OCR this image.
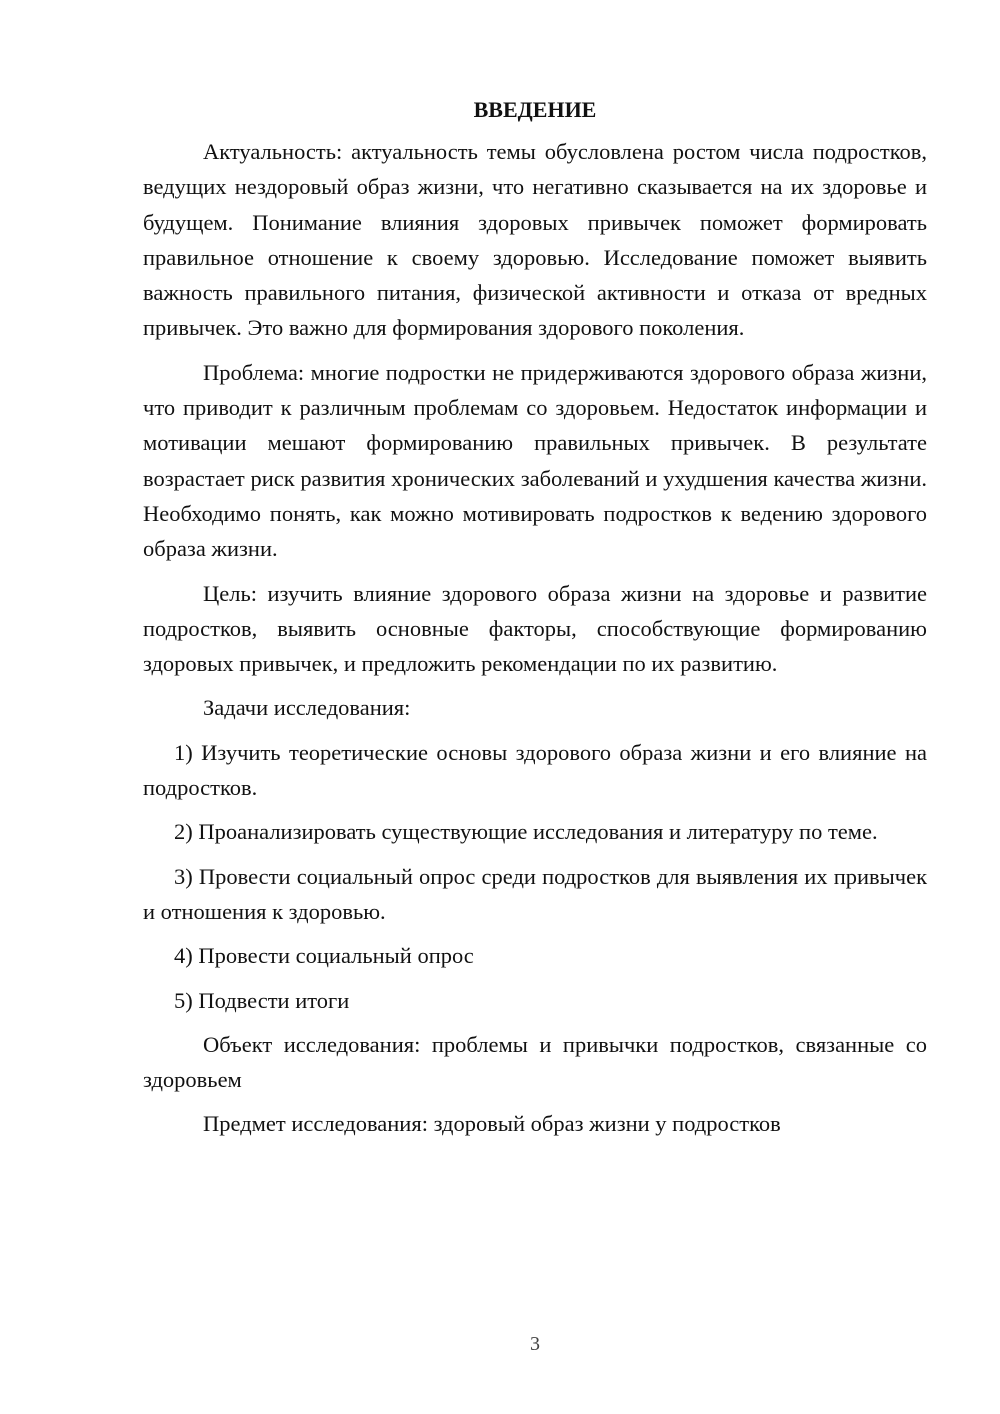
ВВЕДЕНИЕ

Актуальность: актуальность темы обусловлена ростом числа подростков, ведущих нездоровый образ жизни, что негативно сказывается на их здоровье и будущем. Понимание влияния здоровых привычек поможет формировать правильное отношение к своему здоровью. Исследование поможет выявить важность правильного питания, физической активности и отказа от вредных привычек. Это важно для формирования здорового поколения.

Проблема: многие подростки не придерживаются здорового образа жизни, что приводит к различным проблемам со здоровьем. Недостаток информации и мотивации мешают формированию правильных привычек. В результате возрастает риск развития хронических заболеваний и ухудшения качества жизни. Необходимо понять, как можно мотивировать подростков к ведению здорового образа жизни.

Цель: изучить влияние здорового образа жизни на здоровье и развитие подростков, выявить основные факторы, способствующие формированию здоровых привычек, и предложить рекомендации по их развитию.

Задачи исследования:

1) Изучить теоретические основы здорового образа жизни и его влияние на подростков.

2) Проанализировать существующие исследования и литературу по теме.

3) Провести социальный опрос среди подростков для выявления их привычек и отношения к здоровью.

4) Провести социальный опрос

5) Подвести итоги

Объект исследования: проблемы и привычки подростков, связанные со здоровьем

Предмет исследования: здоровый образ жизни у подростков

3
